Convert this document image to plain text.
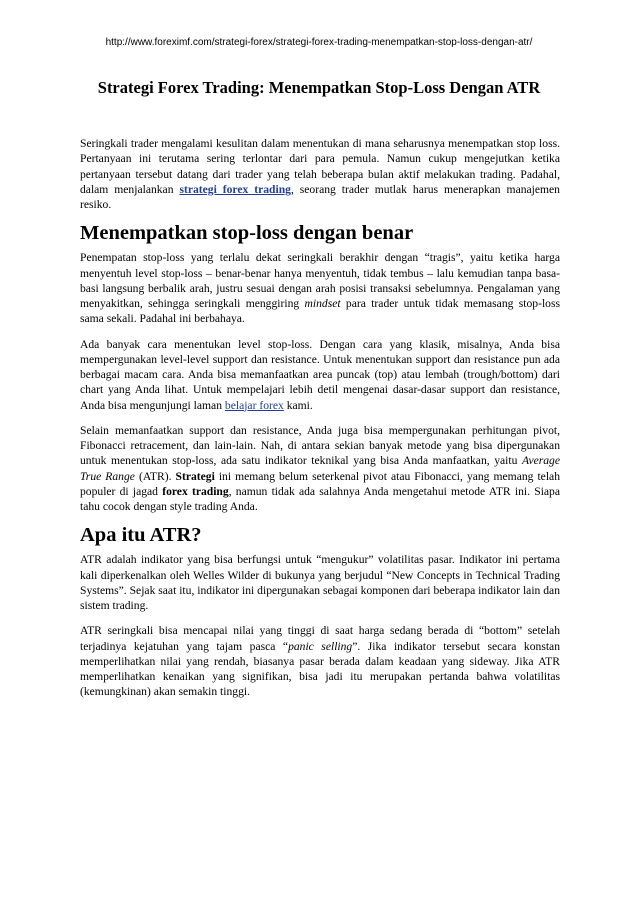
http://www.foreximf.com/strategi-forex/strategi-forex-trading-menempatkan-stop-loss-dengan-atr/
Strategi Forex Trading: Menempatkan Stop-Loss Dengan ATR

Seringkali trader mengalami kesulitan dalam menentukan di mana seharusnya menempatkan stop loss. Pertanyaan ini terutama sering terlontar dari para pemula. Namun cukup mengejutkan ketika pertanyaan tersebut datang dari trader yang telah beberapa bulan aktif melakukan trading. Padahal, dalam menjalankan strategi forex trading, seorang trader mutlak harus menerapkan manajemen resiko.

Menempatkan stop-loss dengan benar

Penempatan stop-loss yang terlalu dekat seringkali berakhir dengan “tragis”, yaitu ketika harga menyentuh level stop-loss – benar-benar hanya menyentuh, tidak tembus – lalu kemudian tanpa basa-basi langsung berbalik arah, justru sesuai dengan arah posisi transaksi sebelumnya. Pengalaman yang menyakitkan, sehingga seringkali menggiring mindset para trader untuk tidak memasang stop-loss sama sekali. Padahal ini berbahaya.

Ada banyak cara menentukan level stop-loss. Dengan cara yang klasik, misalnya, Anda bisa mempergunakan level-level support dan resistance. Untuk menentukan support dan resistance pun ada berbagai macam cara. Anda bisa memanfaatkan area puncak (top) atau lembah (trough/bottom) dari chart yang Anda lihat. Untuk mempelajari lebih detil mengenai dasar-dasar support dan resistance, Anda bisa mengunjungi laman belajar forex kami.

Selain memanfaatkan support dan resistance, Anda juga bisa mempergunakan perhitungan pivot, Fibonacci retracement, dan lain-lain. Nah, di antara sekian banyak metode yang bisa dipergunakan untuk menentukan stop-loss, ada satu indikator teknikal yang bisa Anda manfaatkan, yaitu Average True Range (ATR). Strategi ini memang belum seterkenal pivot atau Fibonacci, yang memang telah populer di jagad forex trading, namun tidak ada salahnya Anda mengetahui metode ATR ini. Siapa tahu cocok dengan style trading Anda.

Apa itu ATR?

ATR adalah indikator yang bisa berfungsi untuk “mengukur” volatilitas pasar. Indikator ini pertama kali diperkenalkan oleh Welles Wilder di bukunya yang berjudul “New Concepts in Technical Trading Systems”. Sejak saat itu, indikator ini dipergunakan sebagai komponen dari beberapa indikator lain dan sistem trading.

ATR seringkali bisa mencapai nilai yang tinggi di saat harga sedang berada di “bottom” setelah terjadinya kejatuhan yang tajam pasca “panic selling”. Jika indikator tersebut secara konstan memperlihatkan nilai yang rendah, biasanya pasar berada dalam keadaan yang sideway. Jika ATR memperlihatkan kenaikan yang signifikan, bisa jadi itu merupakan pertanda bahwa volatilitas (kemungkinan) akan semakin tinggi.
